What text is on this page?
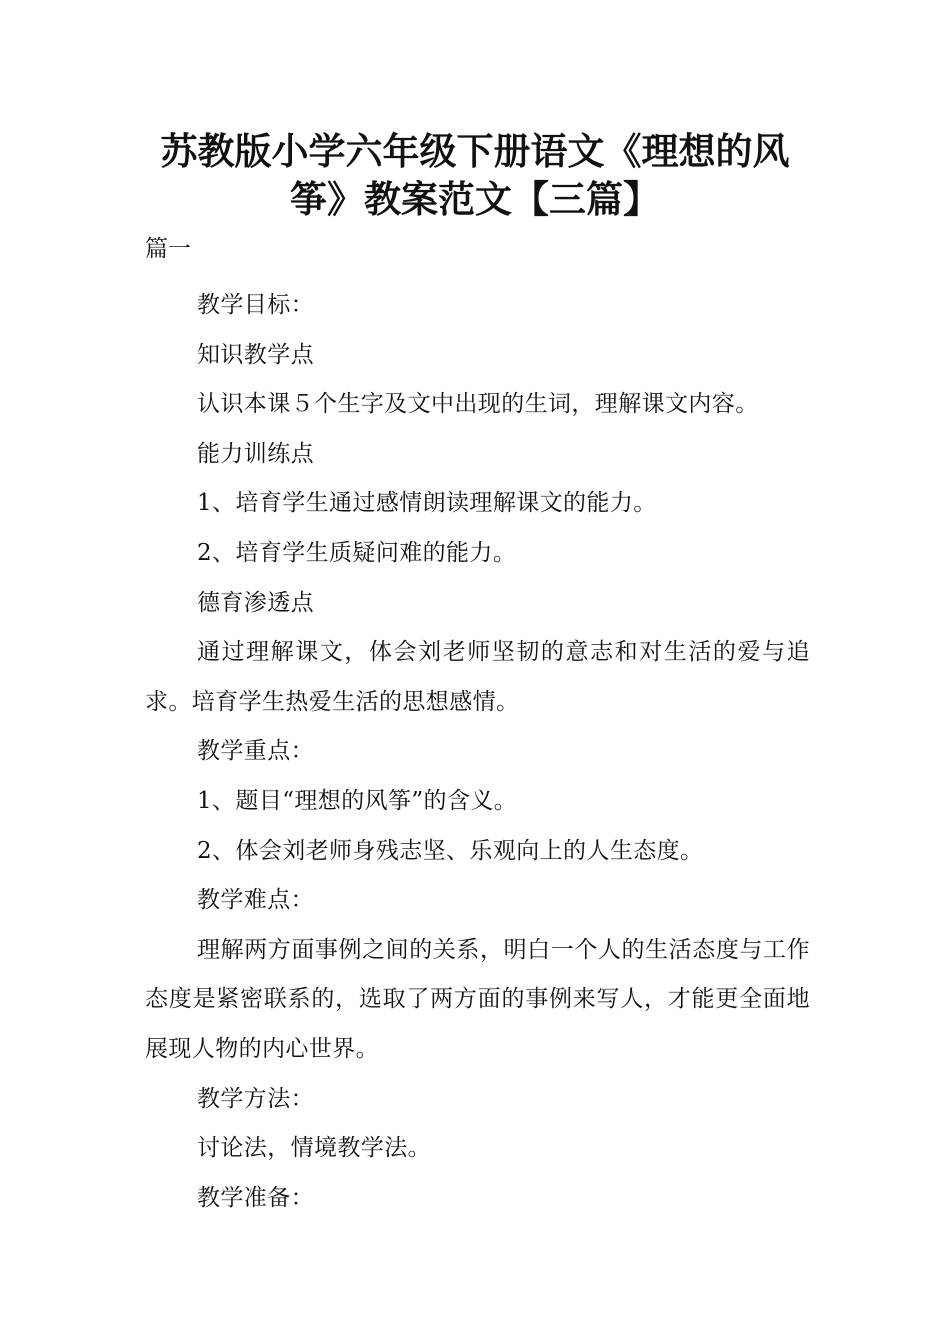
苏教版小学六年级下册语文《理想的风
筝》教案范文【三篇】
篇一

教学目标：

知识教学点

认识本课５个生字及文中出现的生词，理解课文内容。

能力训练点

1、培育学生通过感情朗读理解课文的能力。

2、培育学生质疑问难的能力。

德育渗透点

通过理解课文，体会刘老师坚韧的意志和对生活的爱与追求。培育学生热爱生活的思想感情。

教学重点：

1、题目“理想的风筝”的含义。

2、体会刘老师身残志坚、乐观向上的人生态度。

教学难点：

理解两方面事例之间的关系，明白一个人的生活态度与工作态度是紧密联系的，选取了两方面的事例来写人，才能更全面地展现人物的内心世界。

教学方法：

讨论法，情境教学法。

教学准备：
